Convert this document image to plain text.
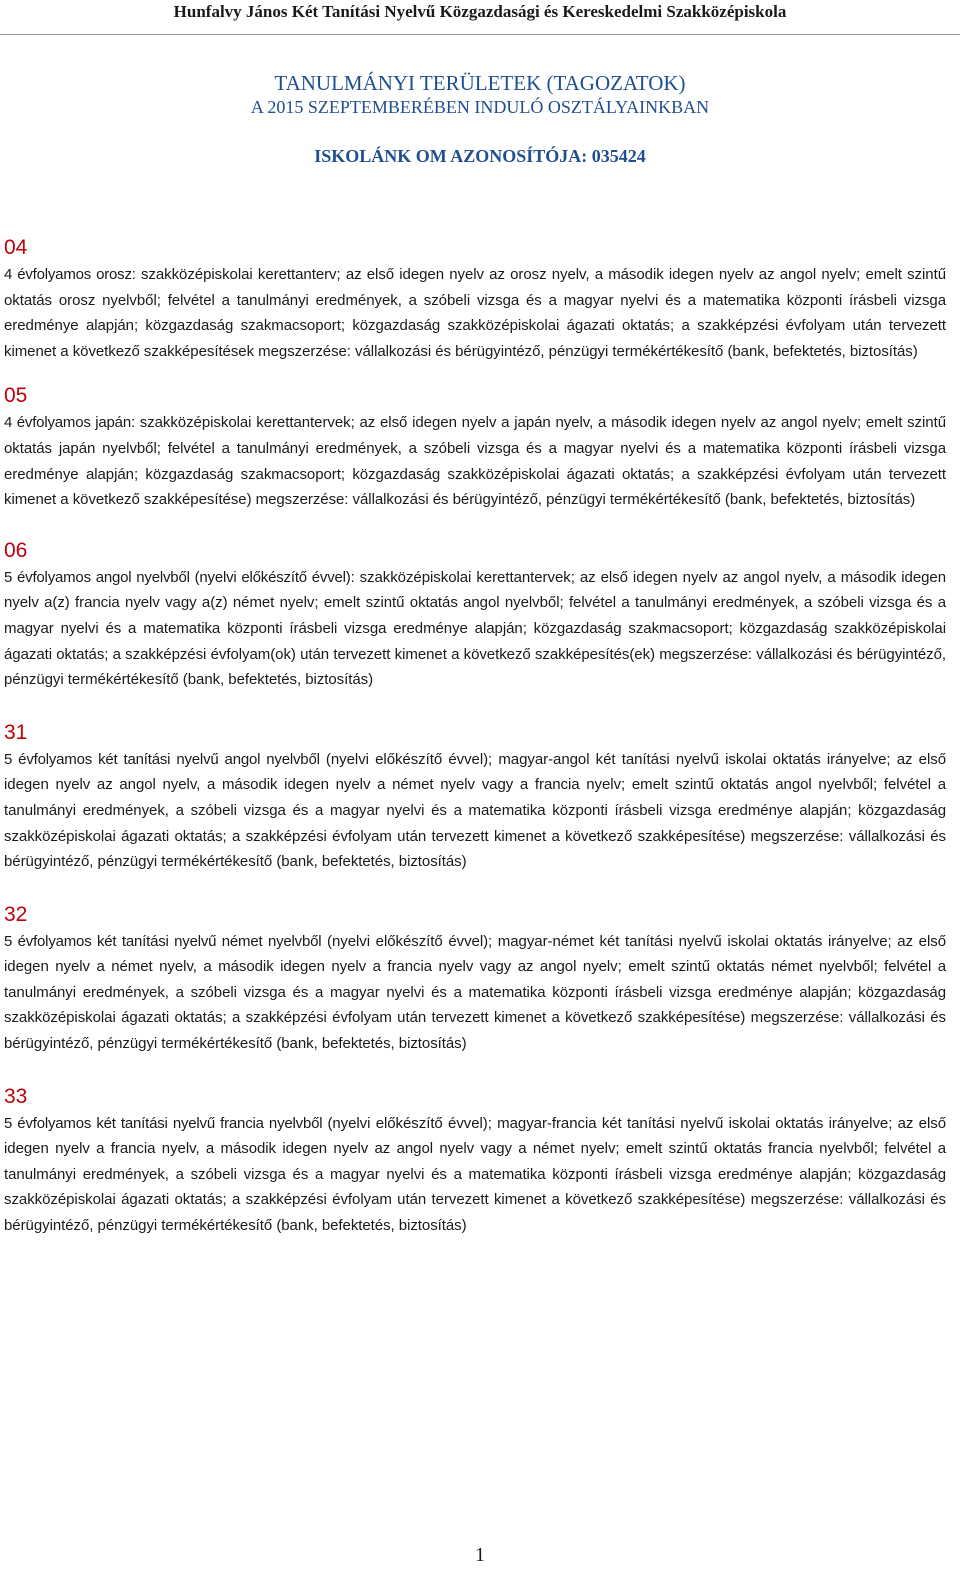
Hunfalvy János Két Tanítási Nyelvű Közgazdasági és Kereskedelmi Szakközépiskola
TANULMÁNYI TERÜLETEK (TAGOZATOK)
A 2015 SZEPTEMBERÉBEN INDULÓ OSZTÁLYAINKBAN
ISKOLÁNK OM AZONOSÍTÓJA: 035424
04
4 évfolyamos orosz: szakközépiskolai kerettanterv; az első idegen nyelv az orosz nyelv, a második idegen nyelv az angol nyelv; emelt szintű oktatás orosz nyelvből; felvétel a tanulmányi eredmények, a szóbeli vizsga és a magyar nyelvi és a matematika központi írásbeli vizsga eredménye alapján; közgazdaság szakmacsoport; közgazdaság szakközépiskolai ágazati oktatás; a szakképzési évfolyam után tervezett kimenet a következő szakképesítések megszerzése: vállalkozási és bérügyintéző, pénzügyi termékértékesítő (bank, befektetés, biztosítás)
05
4 évfolyamos japán: szakközépiskolai kerettantervek; az első idegen nyelv a japán nyelv, a második idegen nyelv az angol nyelv; emelt szintű oktatás japán nyelvből; felvétel a tanulmányi eredmények, a szóbeli vizsga és a magyar nyelvi és a matematika központi írásbeli vizsga eredménye alapján; közgazdaság szakmacsoport; közgazdaság szakközépiskolai ágazati oktatás; a szakképzési évfolyam után tervezett kimenet a következő szakképesítése) megszerzése: vállalkozási és bérügyintéző, pénzügyi termékértékesítő (bank, befektetés, biztosítás)
06
5 évfolyamos angol nyelvből (nyelvi előkészítő évvel): szakközépiskolai kerettantervek; az első idegen nyelv az angol nyelv, a második idegen nyelv a(z) francia nyelv vagy a(z) német nyelv; emelt szintű oktatás angol nyelvből; felvétel a tanulmányi eredmények, a szóbeli vizsga és a magyar nyelvi és a matematika központi írásbeli vizsga eredménye alapján; közgazdaság szakmacsoport; közgazdaság szakközépiskolai ágazati oktatás; a szakképzési évfolyam(ok) után tervezett kimenet a következő szakképesítés(ek) megszerzése: vállalkozási és bérügyintéző, pénzügyi termékértékesítő (bank, befektetés, biztosítás)
31
5 évfolyamos két tanítási nyelvű angol nyelvből (nyelvi előkészítő évvel); magyar-angol két tanítási nyelvű iskolai oktatás irányelve; az első idegen nyelv az angol nyelv, a második idegen nyelv a német nyelv vagy a francia nyelv; emelt szintű oktatás angol nyelvből; felvétel a tanulmányi eredmények, a szóbeli vizsga és a magyar nyelvi és a matematika központi írásbeli vizsga eredménye alapján; közgazdaság szakközépiskolai ágazati oktatás; a szakképzési évfolyam után tervezett kimenet a következő szakképesítése) megszerzése: vállalkozási és bérügyintéző, pénzügyi termékértékesítő (bank, befektetés, biztosítás)
32
5 évfolyamos két tanítási nyelvű német nyelvből (nyelvi előkészítő évvel); magyar-német két tanítási nyelvű iskolai oktatás irányelve; az első idegen nyelv a német nyelv, a második idegen nyelv a francia nyelv vagy az angol nyelv; emelt szintű oktatás német nyelvből; felvétel a tanulmányi eredmények, a szóbeli vizsga és a magyar nyelvi és a matematika központi írásbeli vizsga eredménye alapján; közgazdaság szakközépiskolai ágazati oktatás; a szakképzési évfolyam után tervezett kimenet a következő szakképesítése) megszerzése: vállalkozási és bérügyintéző, pénzügyi termékértékesítő (bank, befektetés, biztosítás)
33
5 évfolyamos két tanítási nyelvű francia nyelvből (nyelvi előkészítő évvel); magyar-francia két tanítási nyelvű iskolai oktatás irányelve; az első idegen nyelv a francia nyelv, a második idegen nyelv az angol nyelv vagy a német nyelv; emelt szintű oktatás francia nyelvből; felvétel a tanulmányi eredmények, a szóbeli vizsga és a magyar nyelvi és a matematika központi írásbeli vizsga eredménye alapján; közgazdaság szakközépiskolai ágazati oktatás; a szakképzési évfolyam után tervezett kimenet a következő szakképesítése) megszerzése: vállalkozási és bérügyintéző, pénzügyi termékértékesítő (bank, befektetés, biztosítás)
1
